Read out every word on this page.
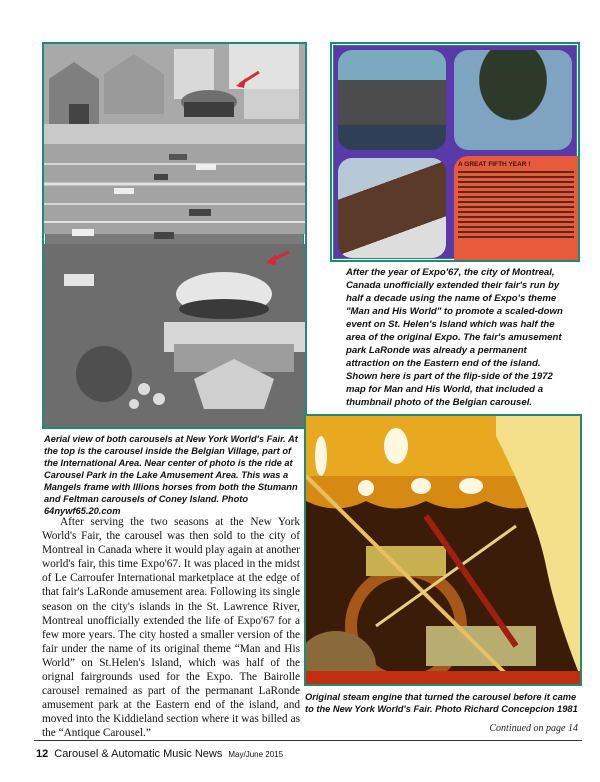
A GREAT FIFTH YEAR !
Aerial view of both carousels at New York World's Fair. At the top is the carousel inside the Belgian Village, part of the International Area. Near center of photo is the ride at Carousel Park in the Lake Amusement Area. This was a Mangels frame with Illions horses from both the Stumann and Feltman carousels of Coney Island. Photo 64nywf65.20.com
After the year of Expo'67, the city of Montreal, Canada unofficially extended their fair's run by half a decade using the name of Expo's theme "Man and His World" to promote a scaled-down event on St. Helen's Island which was half the area of the original Expo. The fair's amusement park LaRonde was already a permanent attraction on the Eastern end of the island. Shown here is part of the flip-side of the 1972 map for Man and His World, that included a thumbnail photo of the Belgian carousel.
Original steam engine that turned the carousel before it came to the New York World's Fair. Photo Richard Concepcion 1981

After serving the two seasons at the New York World's Fair, the carousel was then sold to the city of Montreal in Canada where it would play again at another world's fair, this time Expo'67. It was placed in the midst of Le Carroufer International marketplace at the edge of that fair's LaRonde amusement area. Following its single season on the city's islands in the St. Lawrence River, Montreal unofficially extended the life of Expo'67 for a few more years. The city hosted a smaller version of the fair under the name of its original theme “Man and His World” on St.Helen's Island, which was half of the orignal fairgrounds used for the Expo. The Bairolle carousel remained as part of the permanant LaRonde amusement park at the Eastern end of the island, and moved into the Kiddieland section where it was billed as the “Antique Carousel.”	Continued on page 14
12 Carousel & Automatic Music News May/June 2015
